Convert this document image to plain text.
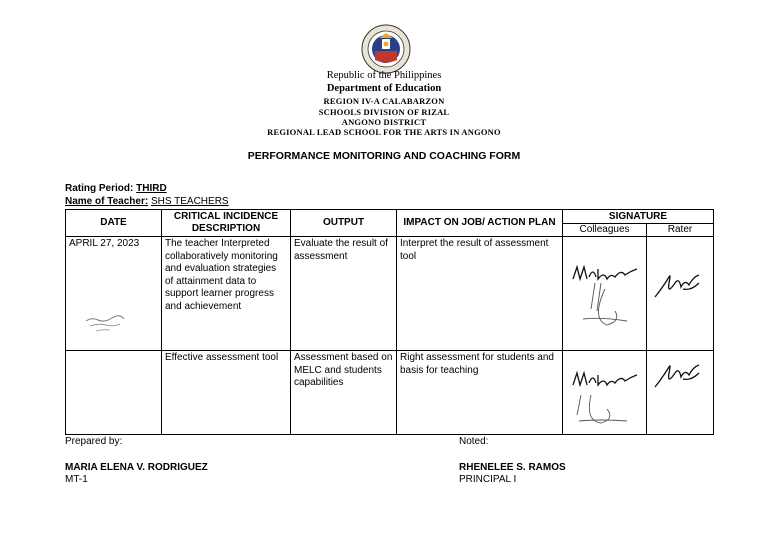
Republic of the Philippines
Department of Education
REGION IV-A CALABARZON
SCHOOLS DIVISION OF RIZAL
ANGONO DISTRICT
REGIONAL LEAD SCHOOL FOR THE ARTS IN ANGONO
PERFORMANCE MONITORING AND COACHING FORM
Rating Period: THIRD
Name of Teacher: SHS TEACHERS
DATE	CRITICAL INCIDENCE DESCRIPTION	OUTPUT	IMPACT ON JOB/ ACTION PLAN	SIGNATURE	
				Colleagues	Rater
APRIL 27, 2023	The teacher Interpreted collaboratively monitoring and evaluation strategies of attainment data to support learner progress and achievement	Evaluate the result of assessment	Interpret the result of assessment tool	

	Effective assessment tool	Assessment based on MELC and students capabilities	Right assessment for students and basis for teaching	

Prepared by:
MARIA ELENA V. RODRIGUEZ
MT-1
Noted:
RHENELEE S. RAMOS
PRINCIPAL I
